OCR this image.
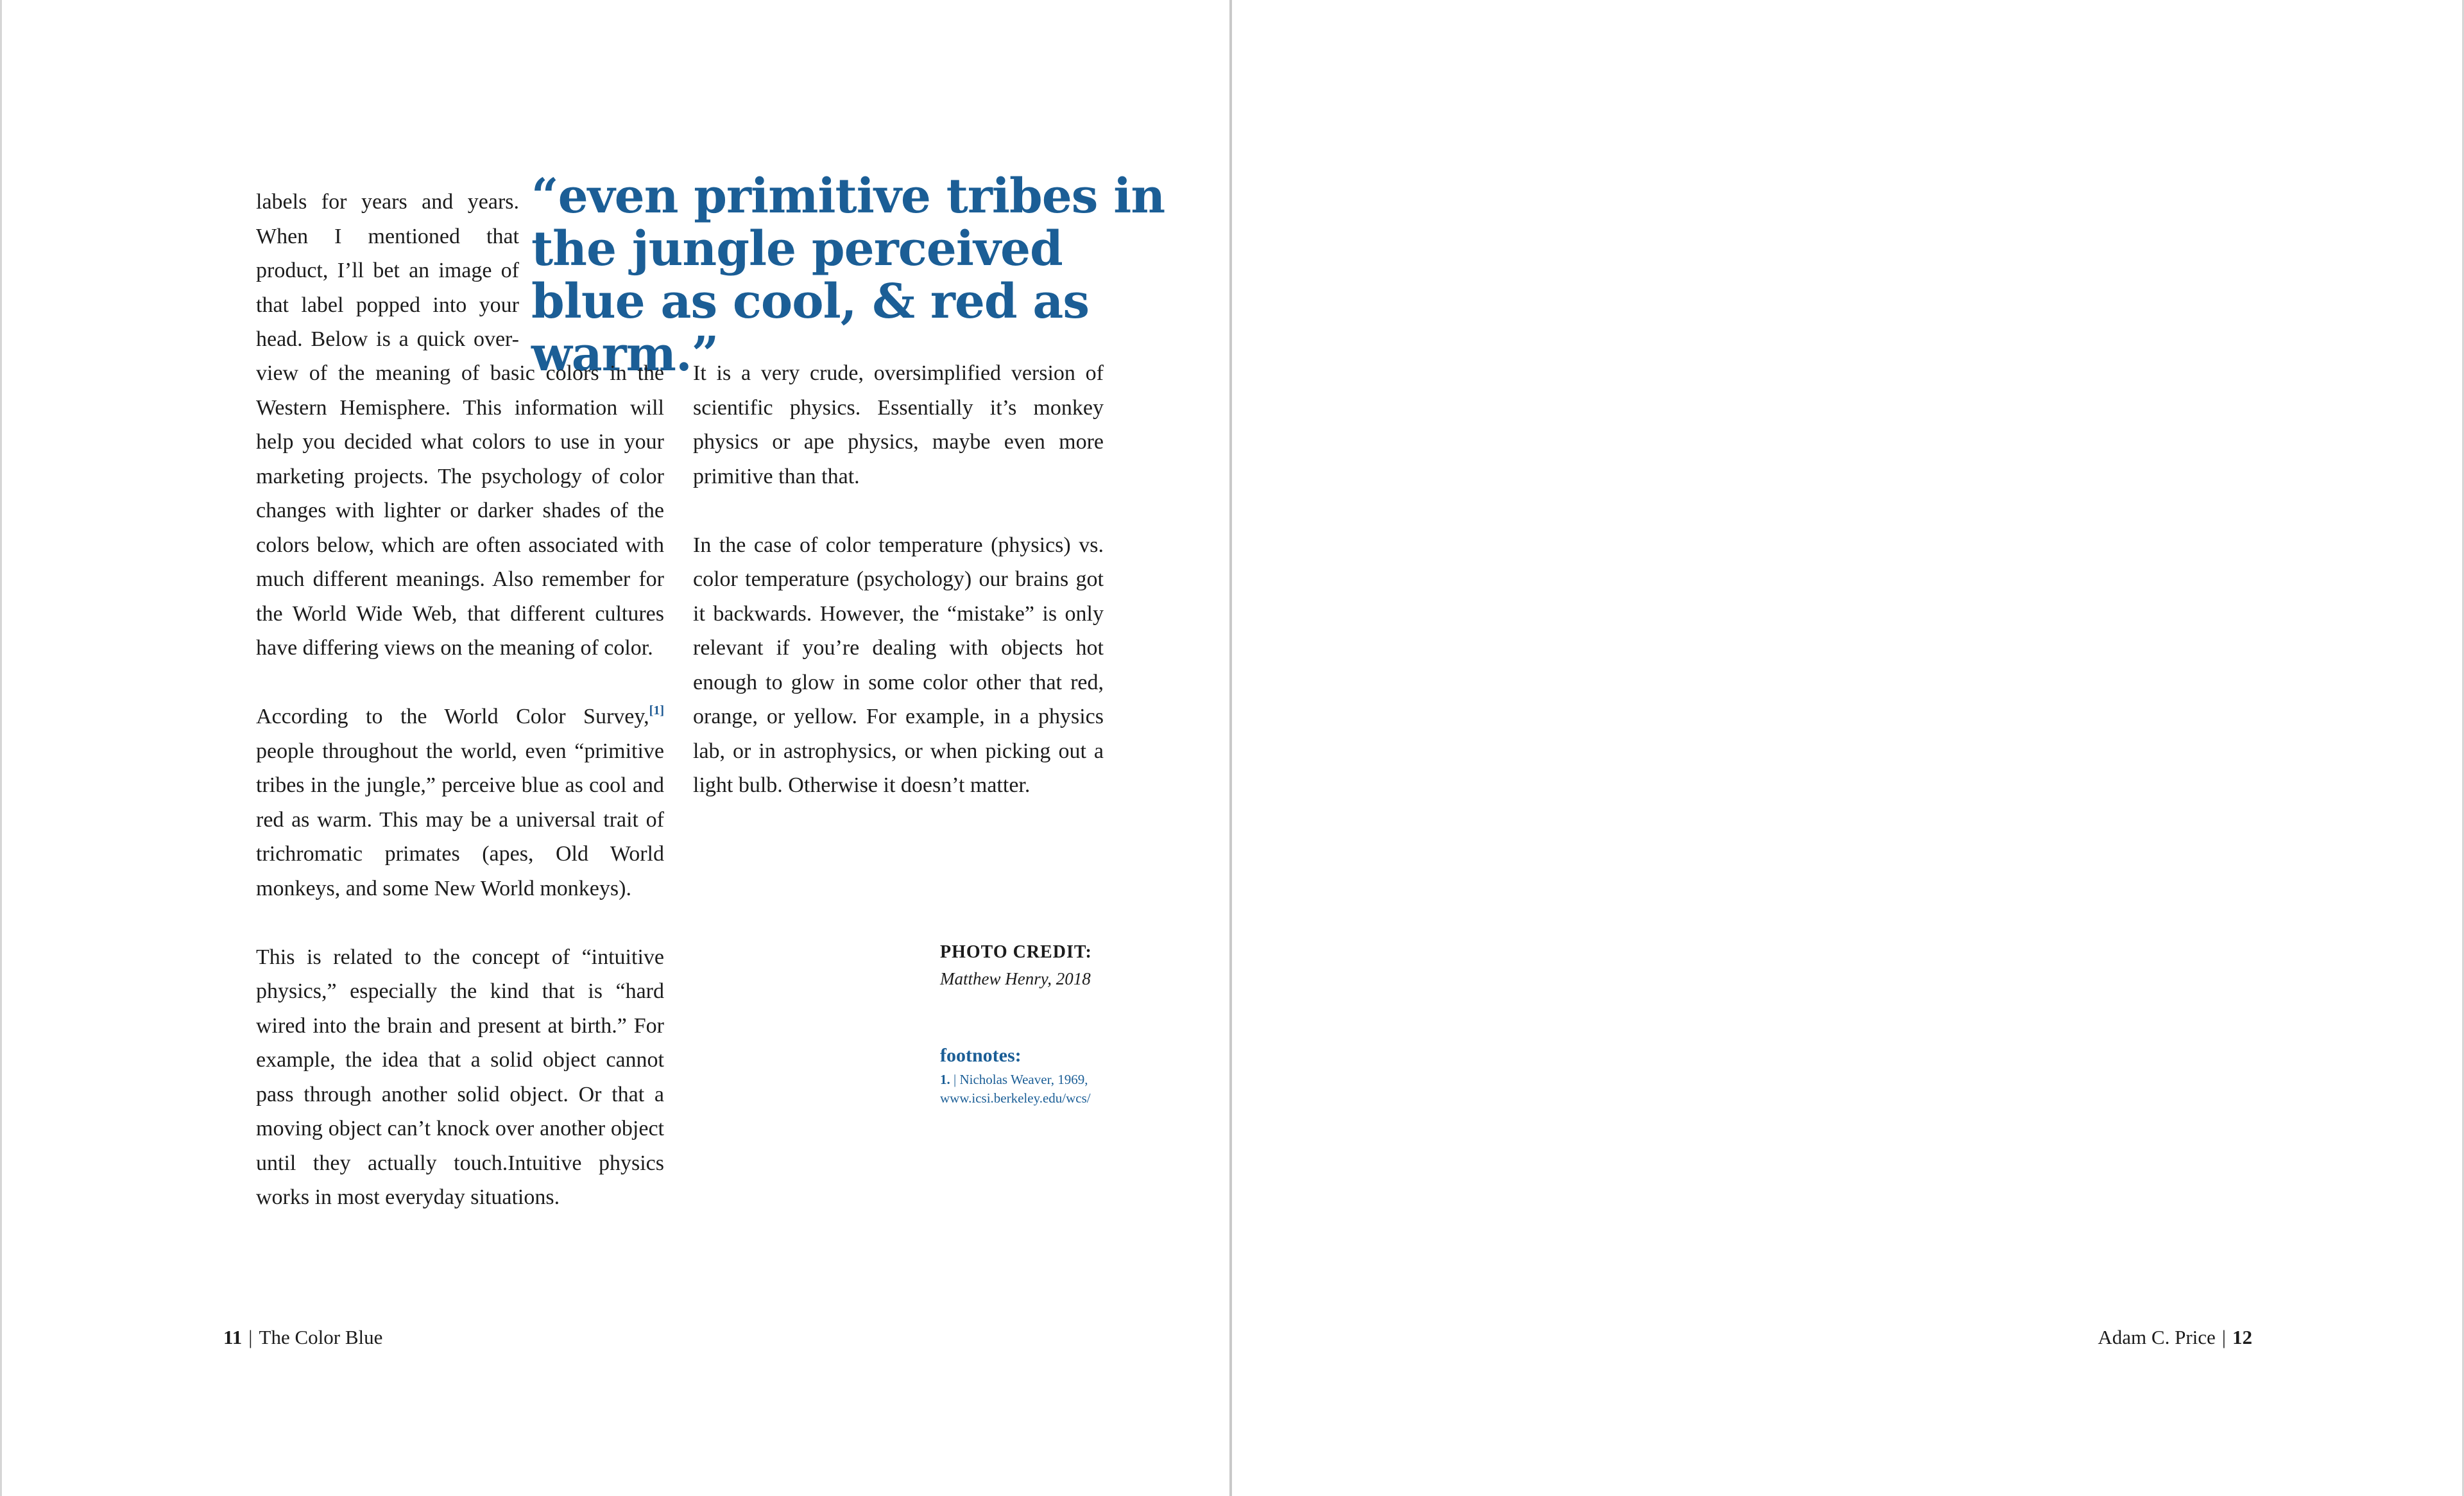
labels for years and years. When I mentioned that product, I’ll bet an image of that label popped into your head. Below is a quick over-

“even primitive tribes in the jungle perceived blue as cool, & red as warm.”

view of the meaning of basic colors in the Western Hemisphere. This information will help you decided what colors to use in your marketing projects. The psychology of color changes with lighter or darker shades of the colors below, which are often associated with much different meanings. Also remember for the World Wide Web, that different cultures have differing views on the meaning of color.

According to the World Color Survey,[1] people throughout the world, even “primitive tribes in the jungle,” perceive blue as cool and red as warm. This may be a universal trait of trichromatic primates (apes, Old World monkeys, and some New World monkeys).

This is related to the concept of “intuitive physics,” especially the kind that is “hard wired into the brain and present at birth.” For example, the idea that a solid object cannot pass through another solid object. Or that a moving object can’t knock over another object until they actually touch.Intuitive physics works in most everyday situations.

It is a very crude, oversimplified version of scientific physics. Essentially it’s monkey physics or ape physics, maybe even more primitive than that.

In the case of color temperature (physics) vs. color temperature (psychology) our brains got it backwards. However, the “mistake” is only relevant if you’re dealing with objects hot enough to glow in some color other that red, orange, or yellow. For example, in a physics lab, or in astrophysics, or when picking out a light bulb. Otherwise it doesn’t matter.

PHOTO CREDIT:

Matthew Henry, 2018

footnotes:

1. | Nicholas Weaver, 1969, www.icsi.berkeley.edu/wcs/

11 | The Color Blue	Adam C. Price | 12
